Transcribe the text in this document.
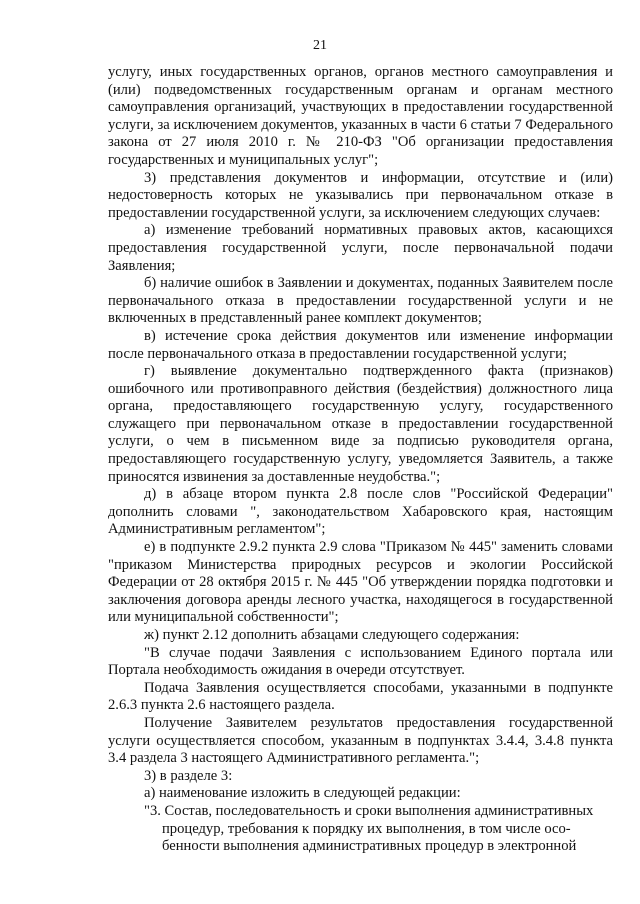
21

услугу, иных государственных органов, органов местного самоуправления и (или) подведомственных государственным органам и органам местного самоуправления организаций, участвующих в предоставлении государственной услуги, за исключением документов, указанных в части 6 статьи 7 Федерального закона от 27 июля 2010 г. № 210-ФЗ "Об организации предоставления государственных и муниципальных услуг";

3) представления документов и информации, отсутствие и (или) недостоверность которых не указывались при первоначальном отказе в предоставлении государственной услуги, за исключением следующих случаев:

а) изменение требований нормативных правовых актов, касающихся предоставления государственной услуги, после первоначальной подачи Заявления;

б) наличие ошибок в Заявлении и документах, поданных Заявителем после первоначального отказа в предоставлении государственной услуги и не включенных в представленный ранее комплект документов;

в) истечение срока действия документов или изменение информации после первоначального отказа в предоставлении государственной услуги;

г) выявление документально подтвержденного факта (признаков) ошибочного или противоправного действия (бездействия) должностного лица органа, предоставляющего государственную услугу, государственного служащего при первоначальном отказе в предоставлении государственной услуги, о чем в письменном виде за подписью руководителя органа, предоставляющего государственную услугу, уведомляется Заявитель, а также приносятся извинения за доставленные неудобства.";

д) в абзаце втором пункта 2.8 после слов "Российской Федерации" дополнить словами ", законодательством Хабаровского края, настоящим Административным регламентом";

е) в подпункте 2.9.2 пункта 2.9 слова "Приказом № 445" заменить словами "приказом Министерства природных ресурсов и экологии Российской Федерации от 28 октября 2015 г. № 445 "Об утверждении порядка подготовки и заключения договора аренды лесного участка, находящегося в государственной или муниципальной собственности";

ж) пункт 2.12 дополнить абзацами следующего содержания:

"В случае подачи Заявления с использованием Единого портала или Портала необходимость ожидания в очереди отсутствует.

Подача Заявления осуществляется способами, указанными в подпункте 2.6.3 пункта 2.6 настоящего раздела.

Получение Заявителем результатов предоставления государственной услуги осуществляется способом, указанным в подпунктах 3.4.4, 3.4.8 пункта 3.4 раздела 3 настоящего Административного регламента.";

3) в разделе 3:

а) наименование изложить в следующей редакции:

"3. Состав, последовательность и сроки выполнения административных
процедур, требования к порядку их выполнения, в том числе осо-
бенности выполнения административных процедур в электронной
